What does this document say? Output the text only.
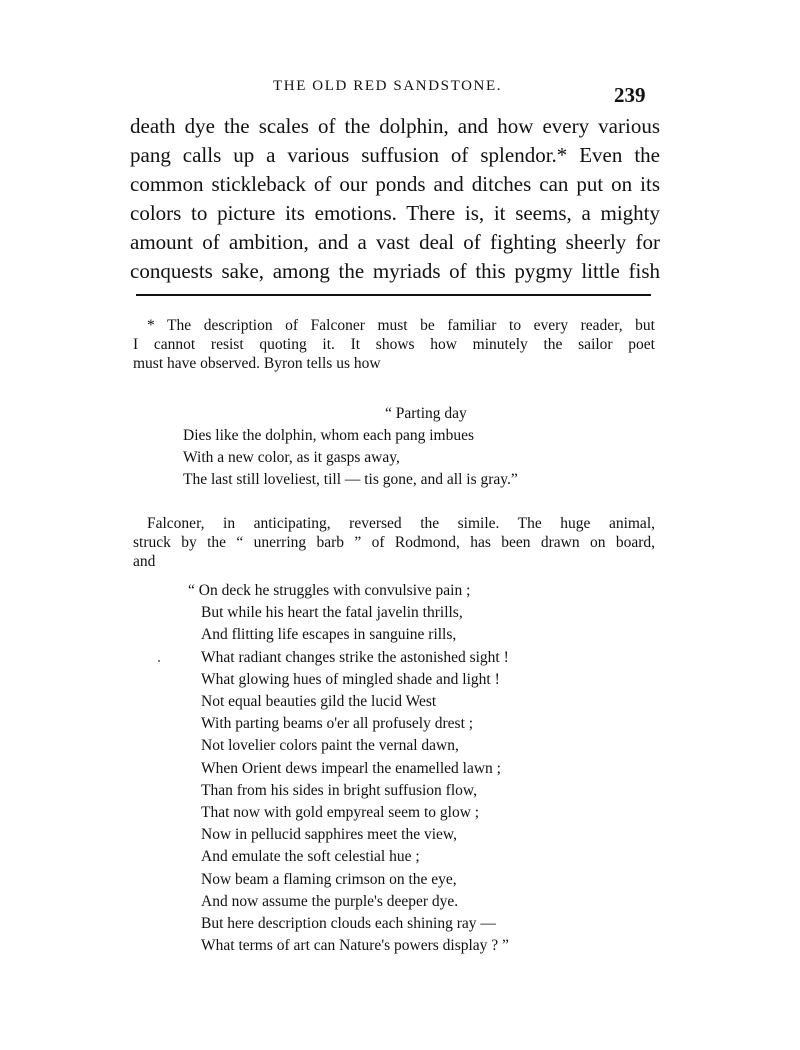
THE OLD RED SANDSTONE.	239
death dye the scales of the dolphin, and how every various
pang calls up a various suffusion of splendor.* Even the
common stickleback of our ponds and ditches can put on its
colors to picture its emotions. There is, it seems, a mighty
amount of ambition, and a vast deal of fighting sheerly for
conquests sake, among the myriads of this pygmy little fish
* The description of Falconer must be familiar to every reader, but
I cannot resist quoting it. It shows how minutely the sailor poet
must have observed. Byron tells us how
“ Parting day
Dies like the dolphin, whom each pang imbues
With a new color, as it gasps away,
The last still loveliest, till — tis gone, and all is gray.”
Falconer, in anticipating, reversed the simile. The huge animal,
struck by the “ unerring barb ” of Rodmond, has been drawn on board,
and
“ On deck he struggles with convulsive pain ;
But while his heart the fatal javelin thrills,
And flitting life escapes in sanguine rills,
What radiant changes strike the astonished sight !
What glowing hues of mingled shade and light !
Not equal beauties gild the lucid West
With parting beams o'er all profusely drest ;
Not lovelier colors paint the vernal dawn,
When Orient dews impearl the enamelled lawn ;
Than from his sides in bright suffusion flow,
That now with gold empyreal seem to glow ;
Now in pellucid sapphires meet the view,
And emulate the soft celestial hue ;
Now beam a flaming crimson on the eye,
And now assume the purple's deeper dye.
But here description clouds each shining ray —
What terms of art can Nature's powers display ? ”
